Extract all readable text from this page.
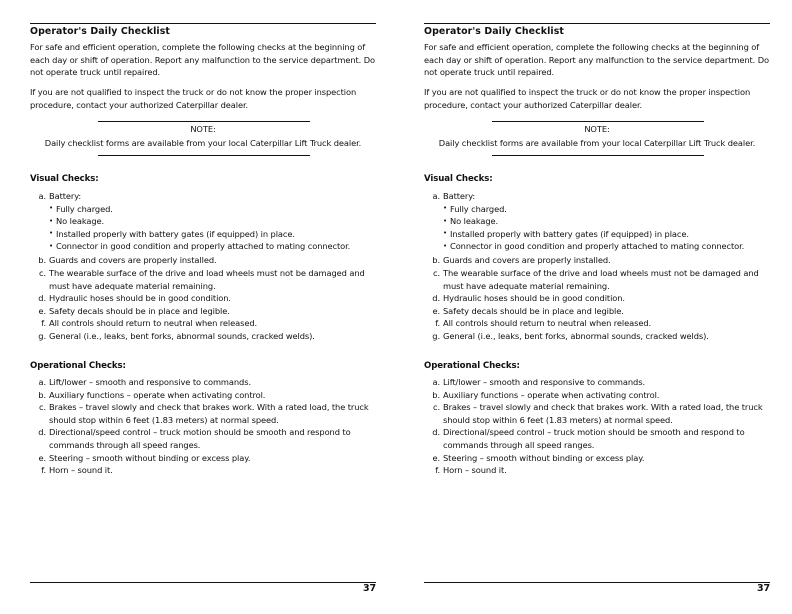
Operator's Daily Checklist

For safe and efficient operation, complete the following checks at the beginning of each day or shift of operation. Report any malfunction to the service department. Do not operate truck until repaired.

If you are not qualified to inspect the truck or do not know the proper inspection procedure, contact your authorized Caterpillar dealer.

NOTE:
Daily checklist forms are available from your local Caterpillar Lift Truck dealer.
Visual Checks:
a. Battery:
• Fully charged.
• No leakage.
• Installed properly with battery gates (if equipped) in place.
• Connector in good condition and properly attached to mating connector.
b. Guards and covers are properly installed.
c. The wearable surface of the drive and load wheels must not be damaged and must have adequate material remaining.
d. Hydraulic hoses should be in good condition.
e. Safety decals should be in place and legible.
f. All controls should return to neutral when released.
g. General (i.e., leaks, bent forks, abnormal sounds, cracked welds).
Operational Checks:
a. Lift/lower – smooth and responsive to commands.
b. Auxiliary functions – operate when activating control.
c. Brakes – travel slowly and check that brakes work. With a rated load, the truck should stop within 6 feet (1.83 meters) at normal speed.
d. Directional/speed control – truck motion should be smooth and respond to commands through all speed ranges.
e. Steering – smooth without binding or excess play.
f. Horn – sound it.
37
Operator's Daily Checklist

For safe and efficient operation, complete the following checks at the beginning of each day or shift of operation. Report any malfunction to the service department. Do not operate truck until repaired.

If you are not qualified to inspect the truck or do not know the proper inspection procedure, contact your authorized Caterpillar dealer.

NOTE:
Daily checklist forms are available from your local Caterpillar Lift Truck dealer.
Visual Checks:
a. Battery:
• Fully charged.
• No leakage.
• Installed properly with battery gates (if equipped) in place.
• Connector in good condition and properly attached to mating connector.
b. Guards and covers are properly installed.
c. The wearable surface of the drive and load wheels must not be damaged and must have adequate material remaining.
d. Hydraulic hoses should be in good condition.
e. Safety decals should be in place and legible.
f. All controls should return to neutral when released.
g. General (i.e., leaks, bent forks, abnormal sounds, cracked welds).
Operational Checks:
a. Lift/lower – smooth and responsive to commands.
b. Auxiliary functions – operate when activating control.
c. Brakes – travel slowly and check that brakes work. With a rated load, the truck should stop within 6 feet (1.83 meters) at normal speed.
d. Directional/speed control – truck motion should be smooth and respond to commands through all speed ranges.
e. Steering – smooth without binding or excess play.
f. Horn – sound it.
37
